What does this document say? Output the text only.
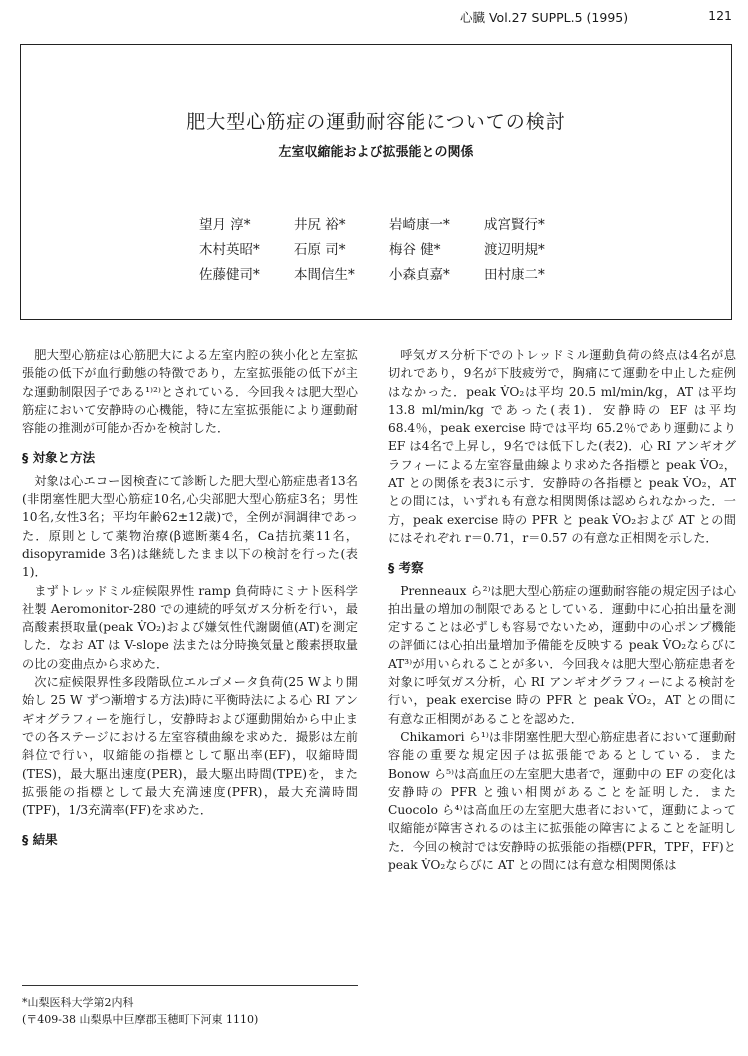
心臓 Vol.27 SUPPL.5 (1995)	121
肥大型心筋症の運動耐容能についての検討
左室収縮能および拡張能との関係
望月 淳*	井尻 裕*	岩崎康一*	成宮賢行*
木村英昭*	石原 司*	梅谷 健*	渡辺明規*
佐藤健司*	本間信生*	小森貞嘉*	田村康二*

肥大型心筋症は心筋肥大による左室内腔の狭小化と左室拡張能の低下が血行動態の特徴であり，左室拡張能の低下が主な運動制限因子である¹⁾²⁾とされている．今回我々は肥大型心筋症において安静時の心機能，特に左室拡張能により運動耐容能の推測が可能か否かを検討した．

§ 対象と方法

対象は心エコー図検査にて診断した肥大型心筋症患者13名(非閉塞性肥大型心筋症10名,心尖部肥大型心筋症3名；男性10名,女性3名；平均年齢62±12歳)で，全例が洞調律であった．原則として薬物治療(β遮断薬4名，Ca拮抗薬11名，disopyramide 3名)は継続したまま以下の検討を行った(表1)．

まずトレッドミル症候限界性 ramp 負荷時にミナト医科学社製 Aeromonitor-280 での連続的呼気ガス分析を行い，最高酸素摂取量(peak V̇O₂)および嫌気性代謝閾値(AT)を測定した．なお AT は V-slope 法または分時換気量と酸素摂取量の比の変曲点から求めた．

次に症候限界性多段階臥位エルゴメータ負荷(25 Wより開始し 25 W ずつ漸増する方法)時に平衡時法による心 RI アンギオグラフィーを施行し，安静時および運動開始から中止までの各ステージにおける左室容積曲線を求めた．撮影は左前斜位で行い，収縮能の指標として駆出率(EF)，収縮時間(TES)，最大駆出速度(PER)，最大駆出時間(TPE)を，また拡張能の指標として最大充満速度(PFR)，最大充満時間(TPF)，1/3充満率(FF)を求めた．

§ 結果

呼気ガス分析下でのトレッドミル運動負荷の終点は4名が息切れであり，9名が下肢疲労で，胸痛にて運動を中止した症例はなかった．peak V̇O₂は平均 20.5 ml/min/kg，AT は平均 13.8 ml/min/kg であった(表1)．安静時の EF は平均 68.4％，peak exercise 時では平均 65.2％であり運動により EF は4名で上昇し，9名では低下した(表2)．心 RI アンギオグラフィーによる左室容量曲線より求めた各指標と peak V̇O₂，AT との関係を表3に示す．安静時の各指標と peak V̇O₂，AT との間には，いずれも有意な相関関係は認められなかった．一方，peak exercise 時の PFR と peak V̇O₂および AT との間にはそれぞれ r＝0.71，r＝0.57 の有意な正相関を示した．

§ 考察

Prenneaux ら²⁾は肥大型心筋症の運動耐容能の規定因子は心拍出量の増加の制限であるとしている．運動中に心拍出量を測定することは必ずしも容易でないため，運動中の心ポンプ機能の評価には心拍出量増加予備能を反映する peak V̇O₂ならびに AT³⁾が用いられることが多い．今回我々は肥大型心筋症患者を対象に呼気ガス分析，心 RI アンギオグラフィーによる検討を行い，peak exercise 時の PFR と peak V̇O₂，AT との間に有意な正相関があることを認めた．

Chikamori ら¹⁾は非閉塞性肥大型心筋症患者において運動耐容能の重要な規定因子は拡張能であるとしている．また Bonow ら⁵⁾は高血圧の左室肥大患者で，運動中の EF の変化は安静時の PFR と強い相関があることを証明した．また Cuocolo ら⁴⁾は高血圧の左室肥大患者において，運動によって収縮能が障害されるのは主に拡張能の障害によることを証明した．今回の検討では安静時の拡張能の指標(PFR，TPF，FF)と peak V̇O₂ならびに AT との間には有意な相関関係は

*山梨医科大学第2内科
(〒409-38 山梨県中巨摩郡玉穂町下河東 1110)
